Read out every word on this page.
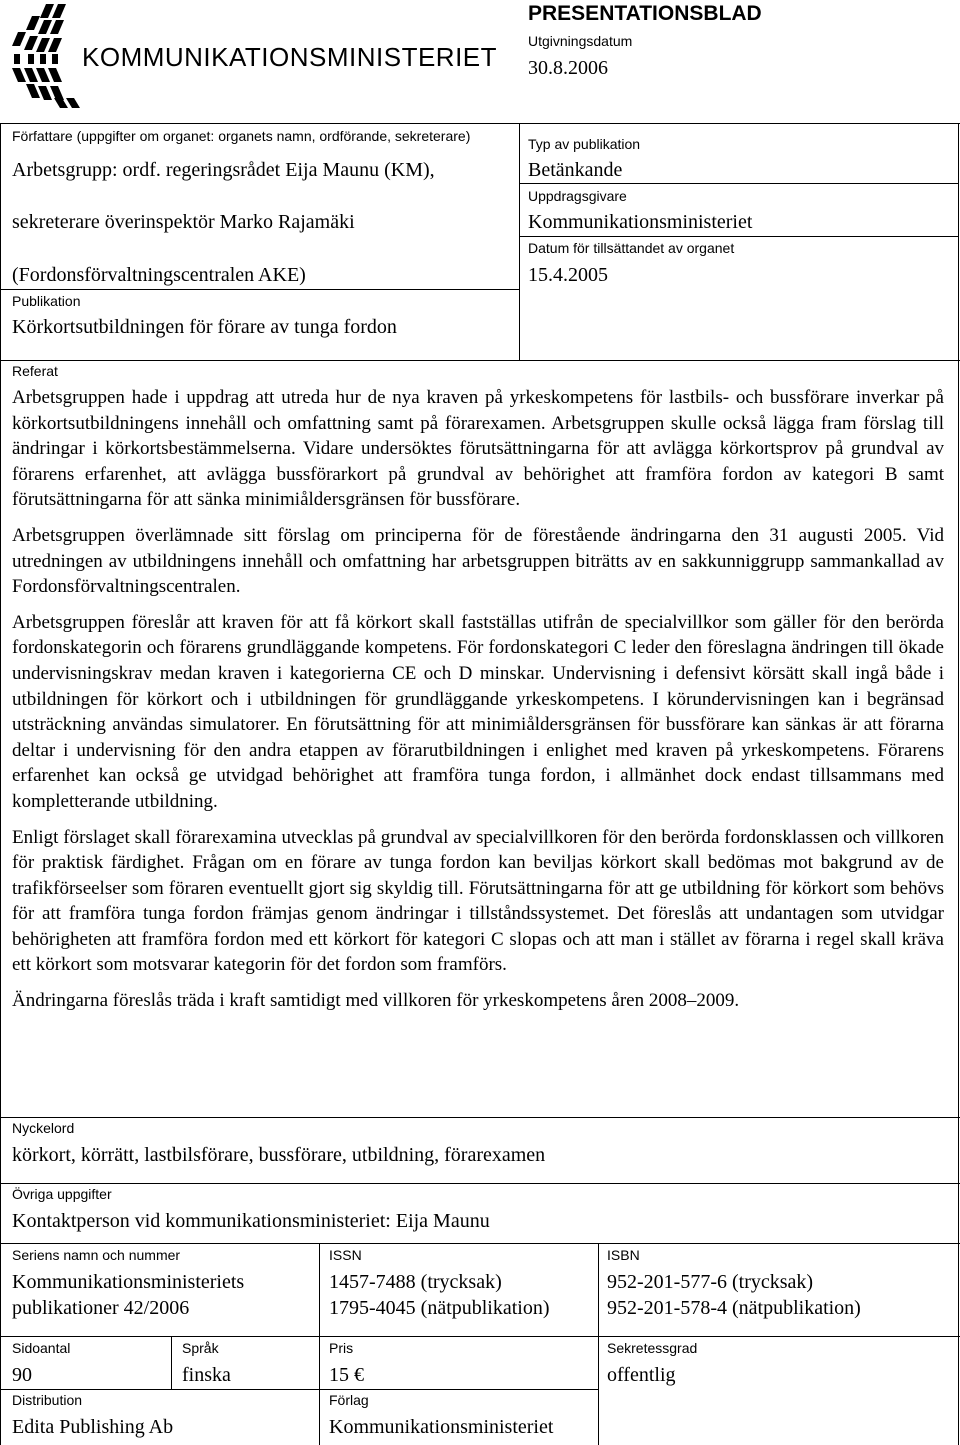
KOMMUNIKATIONSMINISTERIET
PRESENTATIONSBLAD
Utgivningsdatum
30.8.2006
Författare (uppgifter om organet: organets namn, ordförande, sekreterare)
Arbetsgrupp: ordf. regeringsrådet Eija Maunu (KM),
sekreterare överinspektör Marko Rajamäki
(Fordonsförvaltningscentralen AKE)
Publikation
Körkortsutbildningen för förare av tunga fordon
Typ av publikation
Betänkande
Uppdragsgivare
Kommunikationsministeriet
Datum för tillsättandet av organet
15.4.2005
Referat

Arbetsgruppen hade i uppdrag att utreda hur de nya kraven på yrkeskompetens för lastbils- och bussförare inverkar på körkortsutbildningens innehåll och omfattning samt på förarexamen. Arbetsgruppen skulle också lägga fram förslag till ändringar i körkortsbestämmelserna. Vidare undersöktes förutsättningarna för att avlägga körkortsprov på grundval av förarens erfarenhet, att avlägga bussförarkort på grundval av behörighet att framföra fordon av kategori B samt förutsättningarna för att sänka minimiåldersgränsen för bussförare.

Arbetsgruppen överlämnade sitt förslag om principerna för de förestående ändringarna den 31 augusti 2005. Vid utredningen av utbildningens innehåll och omfattning har arbetsgruppen biträtts av en sakkunniggrupp sammankallad av Fordonsförvaltningscentralen.

Arbetsgruppen föreslår att kraven för att få körkort skall fastställas utifrån de specialvillkor som gäller för den berörda fordonskategorin och förarens grundläggande kompetens. För fordonskategori C leder den föreslagna ändringen till ökade undervisningskrav medan kraven i kategorierna CE och D minskar. Undervisning i defensivt körsätt skall ingå både i utbildningen för körkort och i utbildningen för grundläggande yrkeskompetens. I körundervisningen kan i begränsad utsträckning användas simulatorer. En förutsättning för att minimiåldersgränsen för bussförare kan sänkas är att förarna deltar i undervisning för den andra etappen av förarutbildningen i enlighet med kraven på yrkeskompetens. Förarens erfarenhet kan också ge utvidgad behörighet att framföra tunga fordon, i allmänhet dock endast tillsammans med kompletterande utbildning.

Enligt förslaget skall förarexamina utvecklas på grundval av specialvillkoren för den berörda fordonsklassen och villkoren för praktisk färdighet. Frågan om en förare av tunga fordon kan beviljas körkort skall bedömas mot bakgrund av de trafikförseelser som föraren eventuellt gjort sig skyldig till. Förutsättningarna för att ge utbildning för körkort som behövs för att framföra tunga fordon främjas genom ändringar i tillståndssystemet. Det föreslås att undantagen som utvidgar behörigheten att framföra fordon med ett körkort för kategori C slopas och att man i stället av förarna i regel skall kräva ett körkort som motsvarar kategorin för det fordon som framförs.

Ändringarna föreslås träda i kraft samtidigt med villkoren för yrkeskompetens åren 2008–2009.

Nyckelord
körkort, körrätt, lastbilsförare, bussförare, utbildning, förarexamen
Övriga uppgifter
Kontaktperson vid kommunikationsministeriet: Eija Maunu
Seriens namn och nummer
Kommunikationsministeriets
publikationer 42/2006
ISSN
1457-7488 (trycksak)
1795-4045 (nätpublikation)
ISBN
952-201-577-6 (trycksak)
952-201-578-4 (nätpublikation)
Sidoantal
90
Språk
finska
Pris
15 €
Sekretessgrad
offentlig
Distribution
Edita Publishing Ab
Förlag
Kommunikationsministeriet
